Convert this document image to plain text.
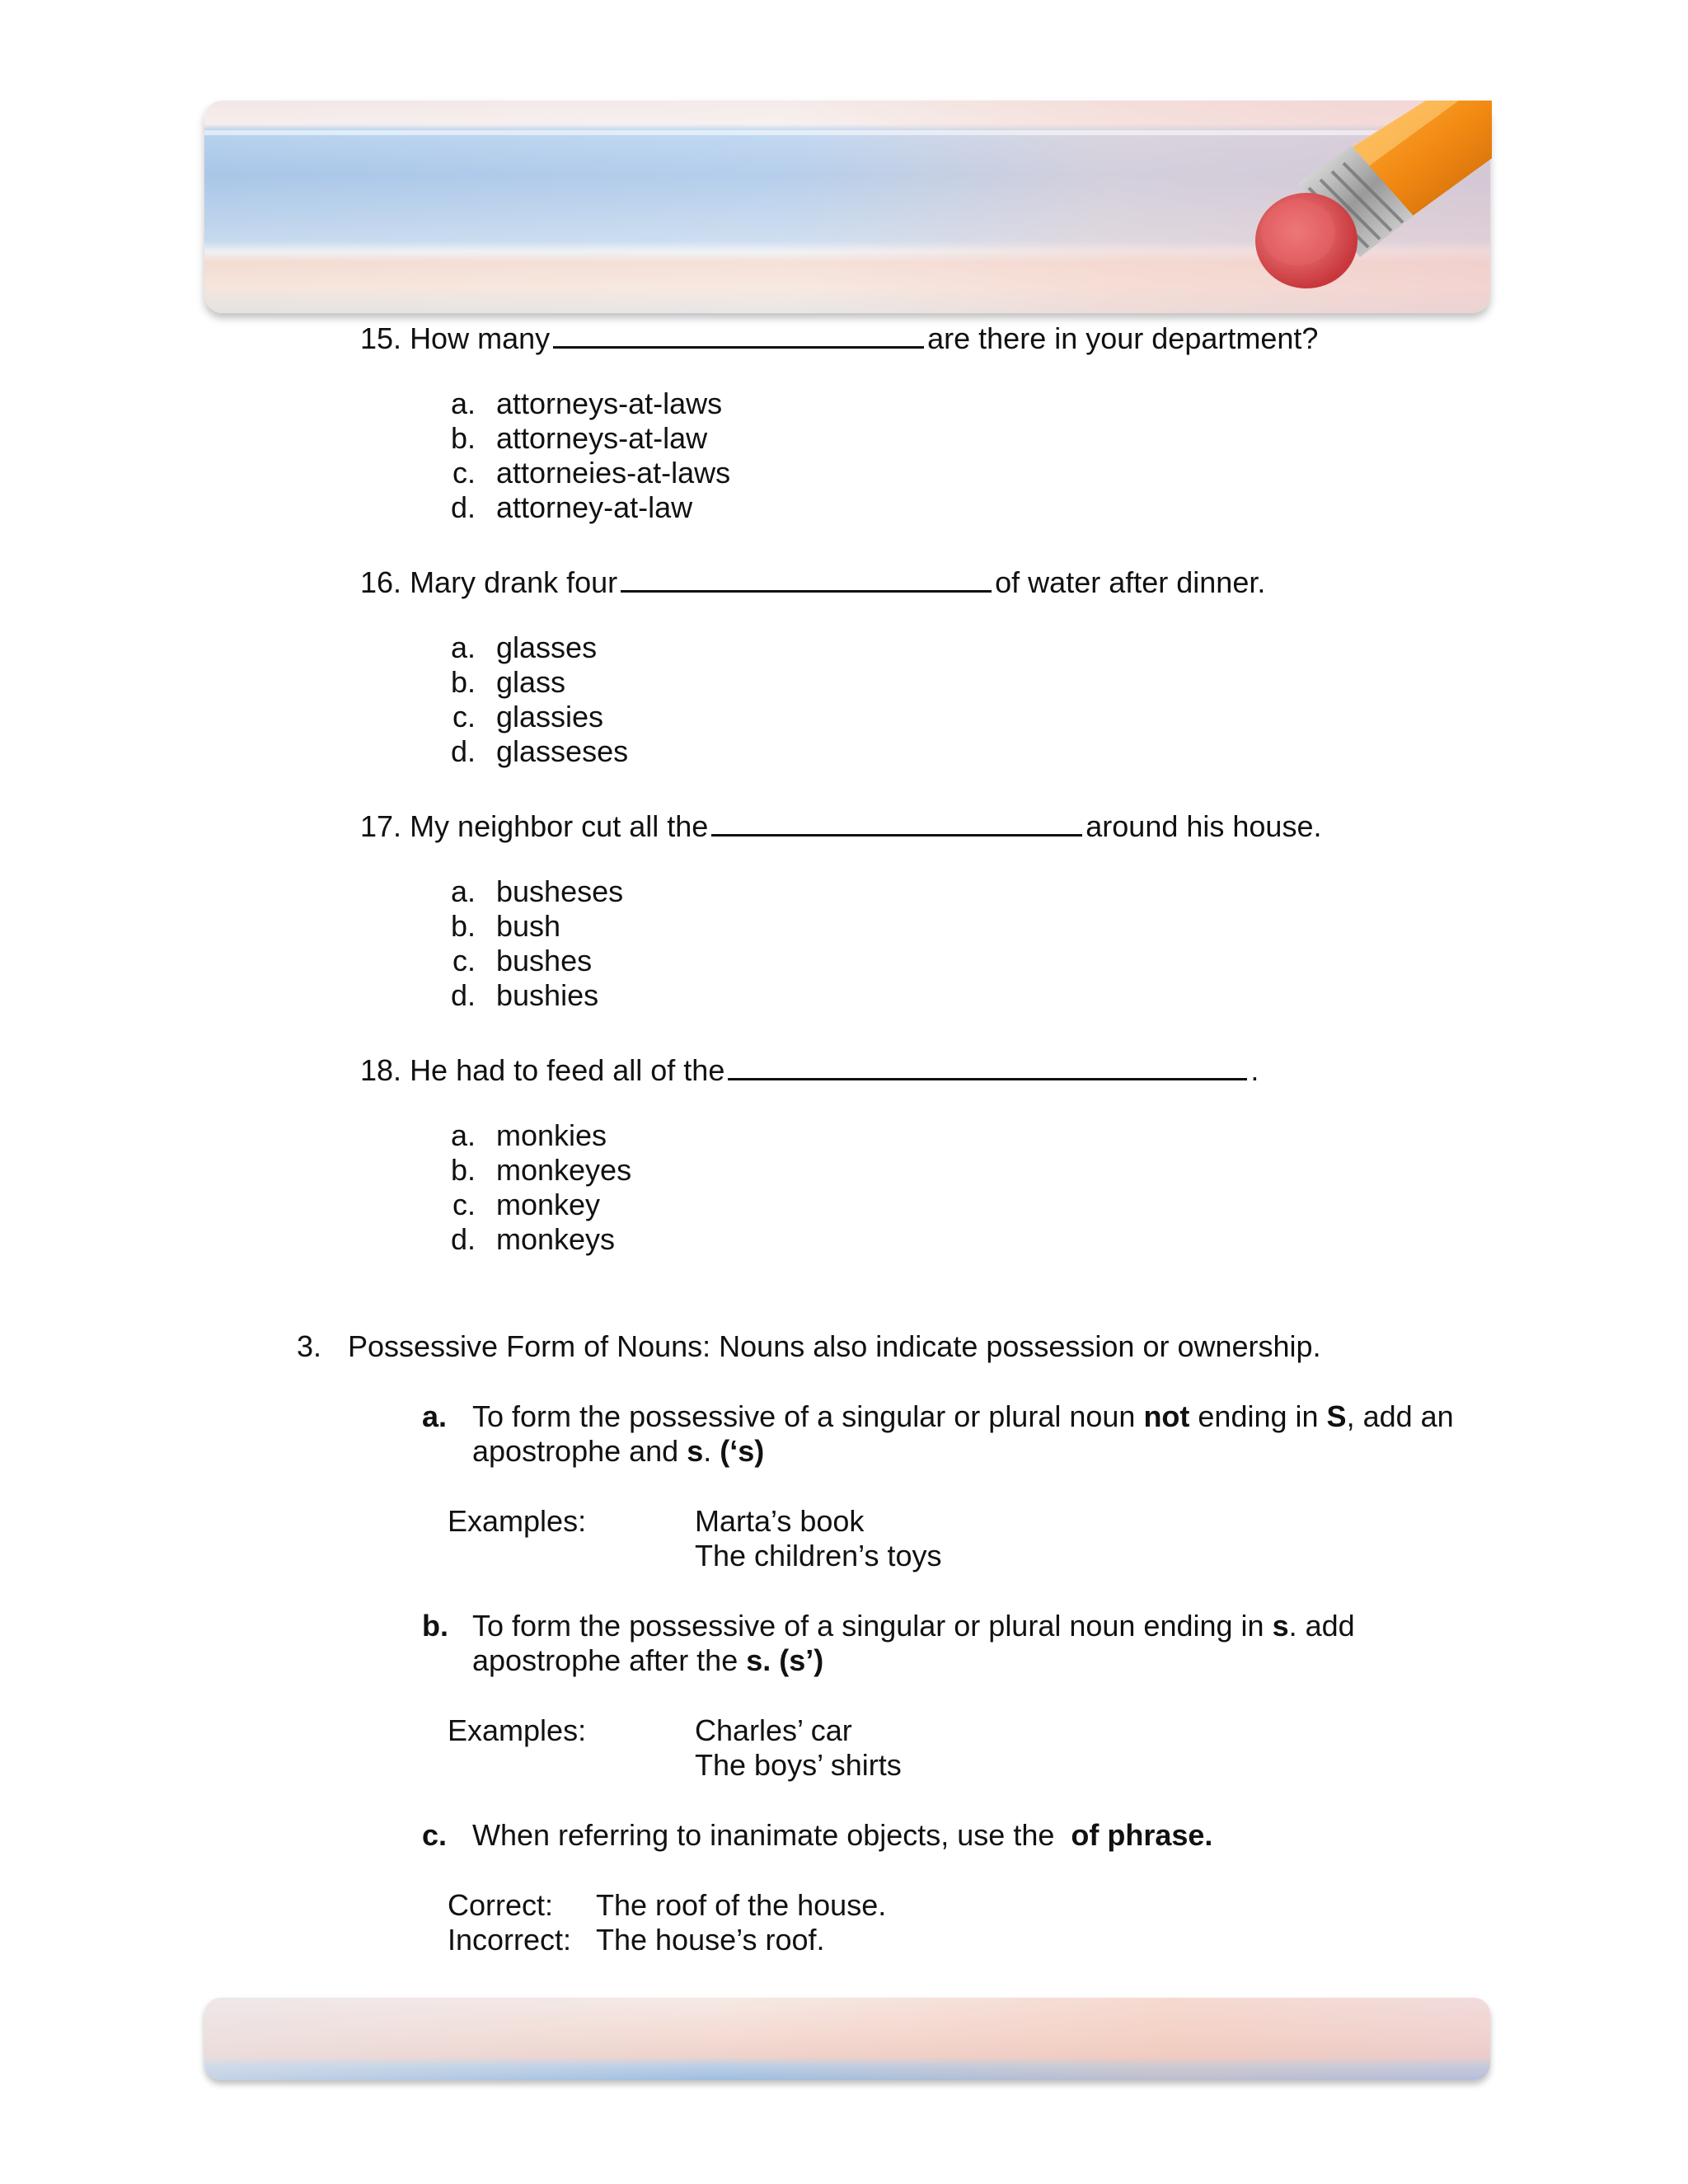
15. How many	are there in your department?
a. attorneys-at-laws
b. attorneys-at-law
c. attorneies-at-laws
d. attorney-at-law
16. Mary drank four	of water after dinner.
a. glasses
b. glass
c. glassies
d. glasseses
17. My neighbor cut all the	around his house.
a. busheses
b. bush
c. bushes
d. bushies
18. He had to feed all of the	.
a. monkies
b. monkeyes
c. monkey
d. monkeys
3. Possessive Form of Nouns: Nouns also indicate possession or ownership.
a. To form the possessive of a singular or plural noun not ending in S, add an
apostrophe and s. (‘s)
Examples:	Marta’s book
The children’s toys
b. To form the possessive of a singular or plural noun ending in s. add
apostrophe after the s. (s’)
Examples:	Charles’ car
The boys’ shirts
c. When referring to inanimate objects, use the  of phrase.
Correct: The roof of the house.
Incorrect: The house’s roof.
